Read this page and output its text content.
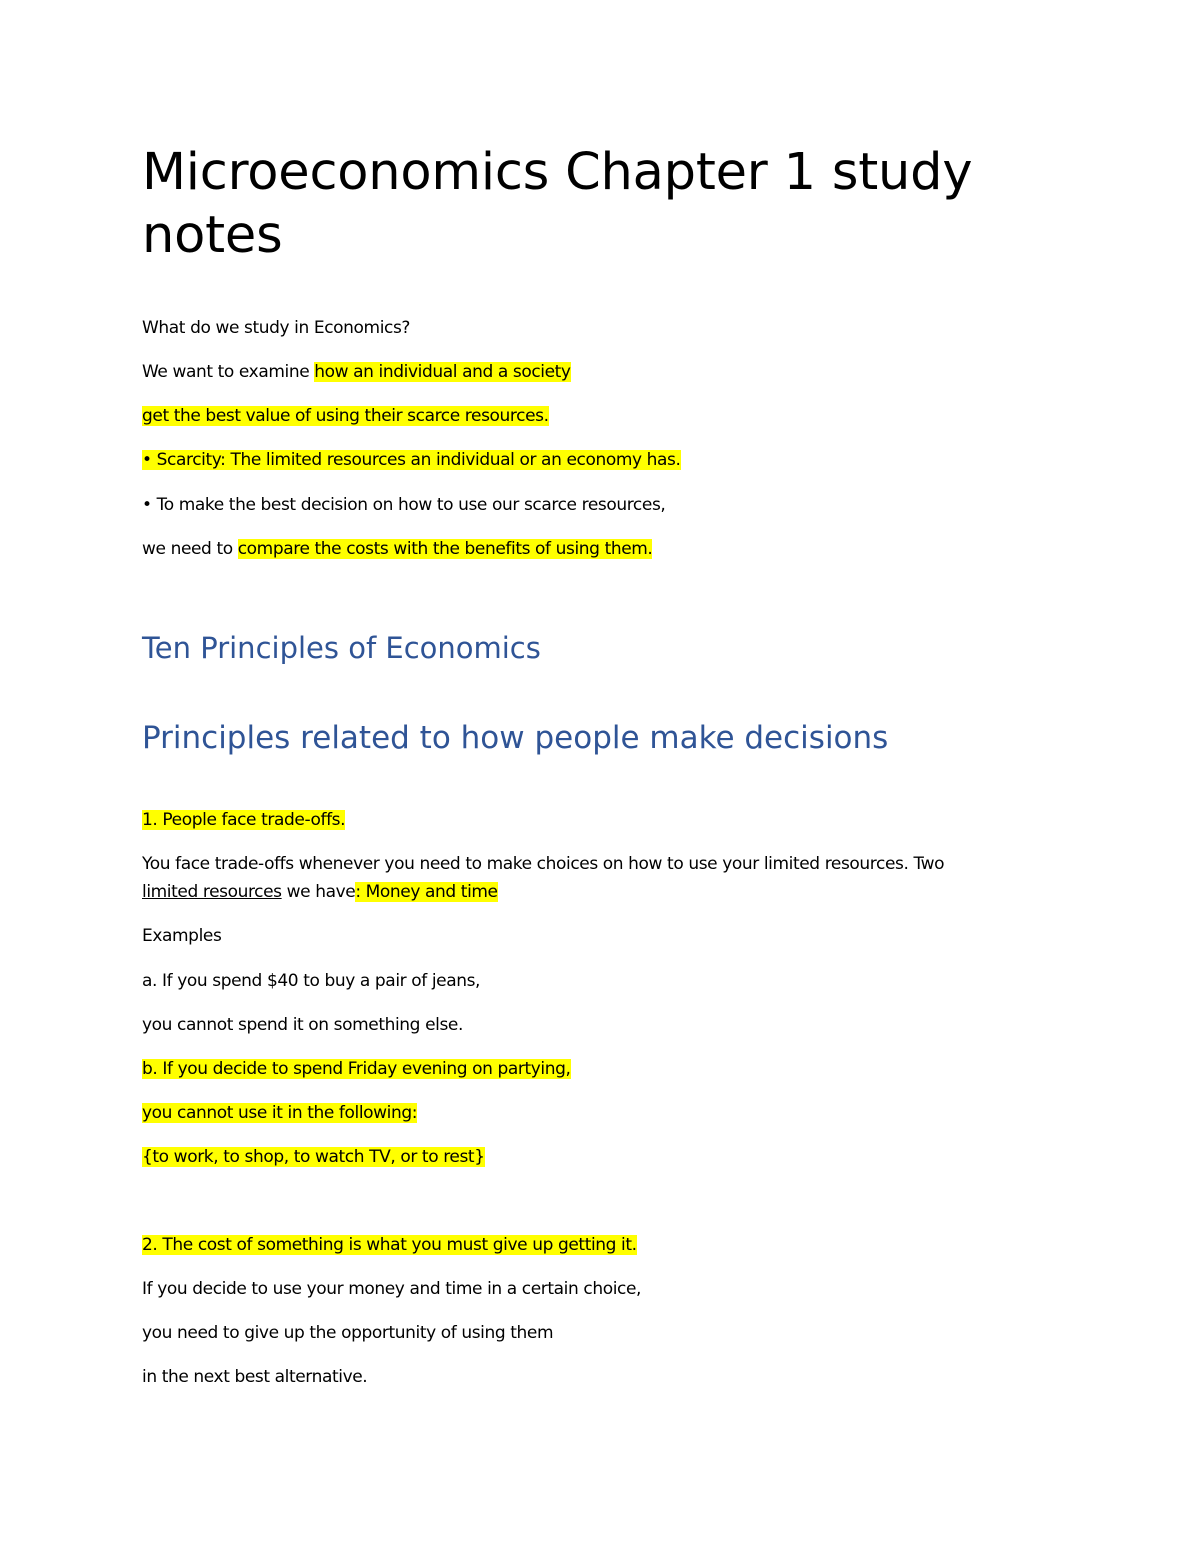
Microeconomics Chapter 1 study
notes

What do we study in Economics?

We want to examine how an individual and a society

get the best value of using their scarce resources.

• Scarcity: The limited resources an individual or an economy has.

• To make the best decision on how to use our scarce resources,

we need to compare the costs with the benefits of using them.

Ten Principles of Economics
Principles related to how people make decisions

1. People face trade-offs.

You face trade-offs whenever you need to make choices on how to use your limited resources. Two

limited resources we have: Money and time

Examples

a. If you spend $40 to buy a pair of jeans,

you cannot spend it on something else.

b. If you decide to spend Friday evening on partying,

you cannot use it in the following:

{to work, to shop, to watch TV, or to rest}

2. The cost of something is what you must give up getting it.

If you decide to use your money and time in a certain choice,

you need to give up the opportunity of using them

in the next best alternative.
